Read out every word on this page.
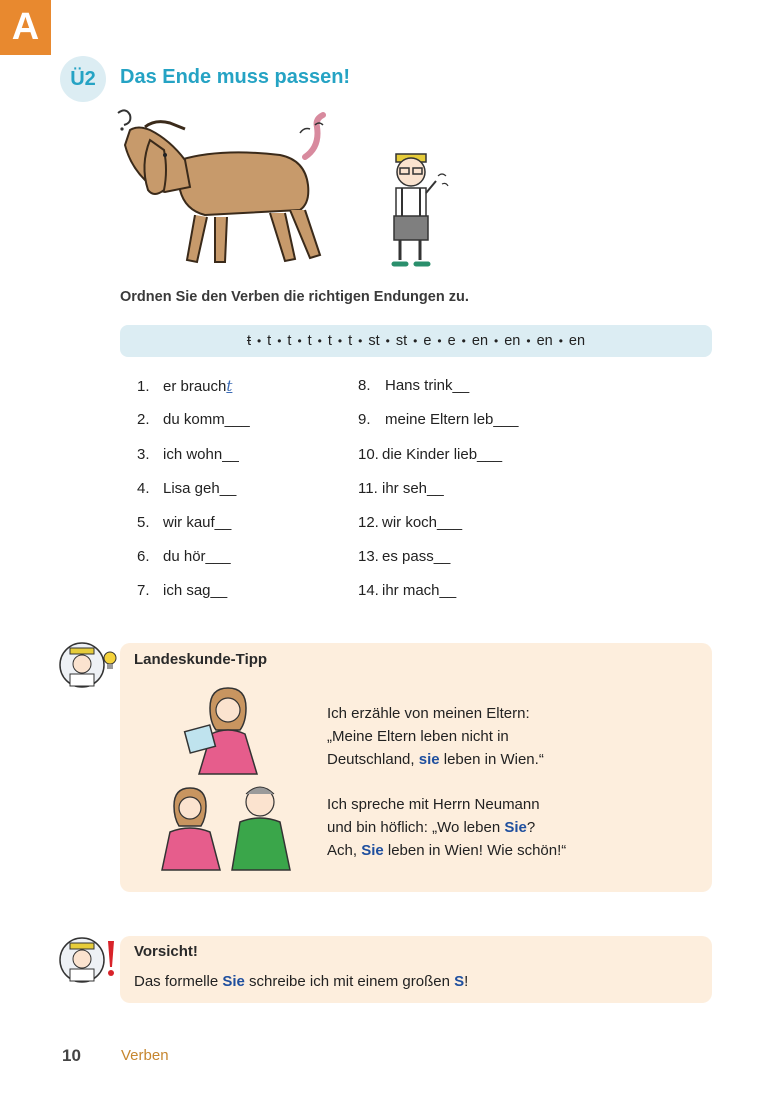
A
Ü2	Das Ende muss passen!
Ordnen Sie den Verben die richtigen Endungen zu.
t • t • t • t • t • t • st • st • e • e • en • en • en • en
1. er braucht
2. du komm___
3. ich wohn__
4. Lisa geh__
5. wir kauf__
6. du hör___
7. ich sag__
8. Hans trink__
9. meine Eltern leb___
10. die Kinder lieb___
11. ihr seh__
12. wir koch___
13. es pass__
14. ihr mach__
Landeskunde-Tipp
Ich erzähle von meinen Eltern:
„Meine Eltern leben nicht in
Deutschland, sie leben in Wien.“
Ich spreche mit Herrn Neumann
und bin höflich: „Wo leben Sie?
Ach, Sie leben in Wien! Wie schön!“
Vorsicht!
Das formelle Sie schreibe ich mit einem großen S!
10	Verben
